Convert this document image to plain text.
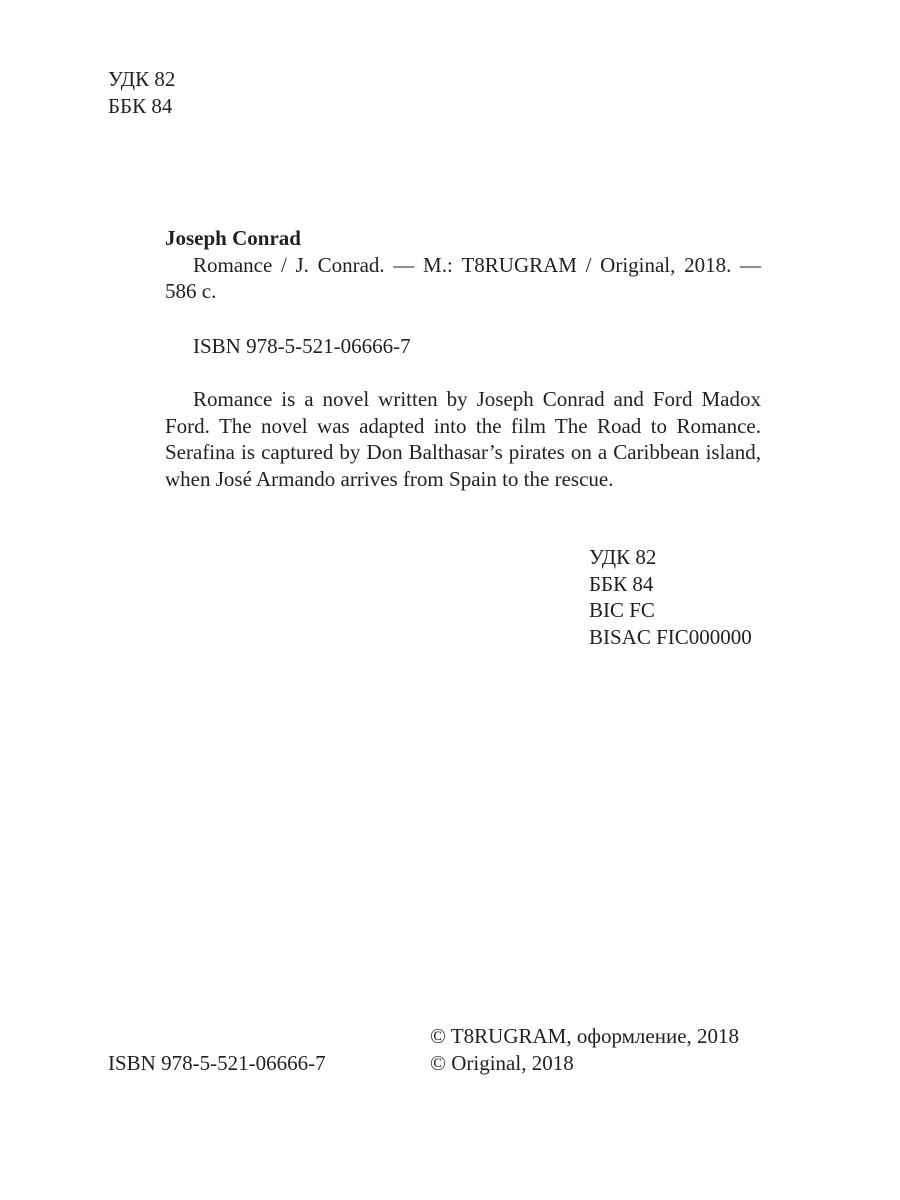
УДК 82
ББК 84
Joseph Conrad

Romance / J. Conrad. — М.: T8RUGRAM / Original, 2018. — 586 с.

ISBN 978-5-521-06666-7

Romance is a novel written by Joseph Conrad and Ford Madox Ford. The novel was adapted into the film The Road to Romance. Serafina is captured by Don Balthasar’s pirates on a Caribbean island, when José Armando arrives from Spain to the rescue.

УДК 82
ББК 84
BIC FC
BISAC FIC000000
ISBN 978-5-521-06666-7
© T8RUGRAM, оформление, 2018
© Original, 2018
